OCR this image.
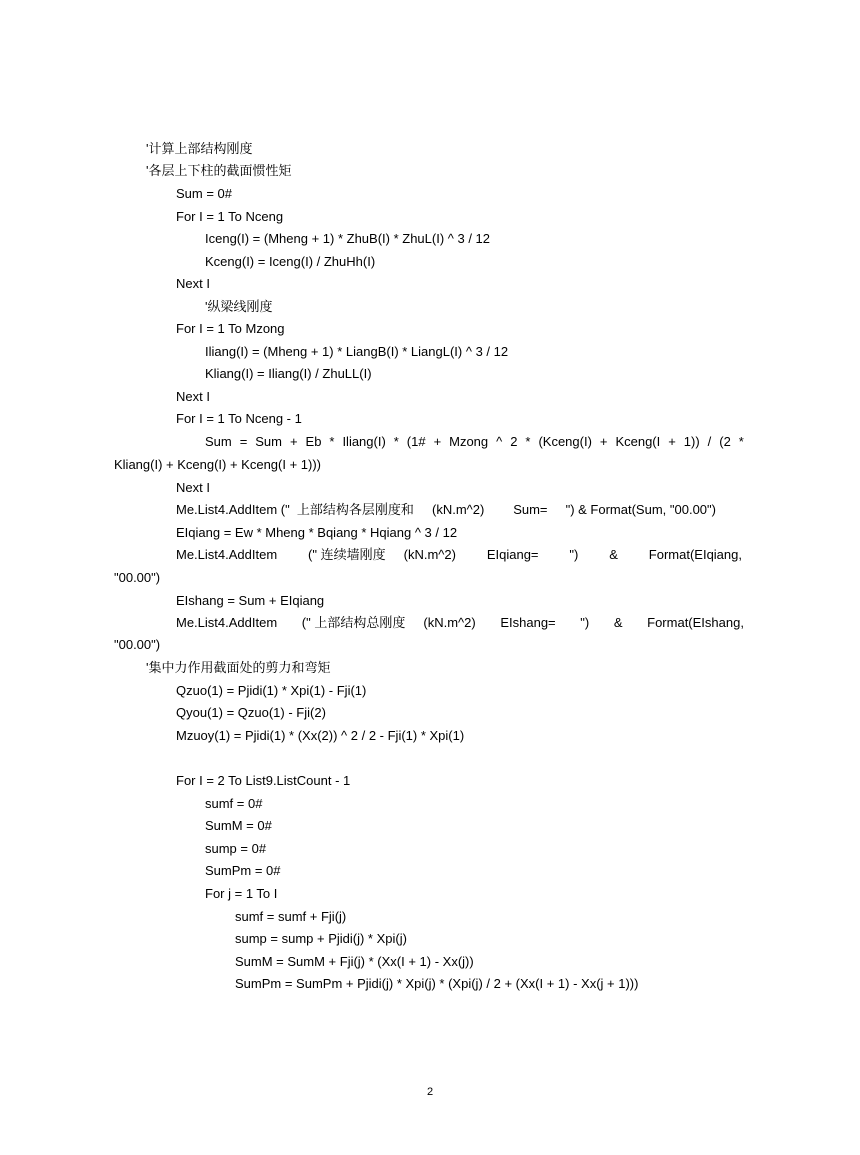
'计算上部结构刚度
'各层上下柱的截面惯性矩
Sum = 0#
For I = 1 To Nceng
Iceng(I) = (Mheng + 1) * ZhuB(I) * ZhuL(I) ^ 3 / 12
Kceng(I) = Iceng(I) / ZhuHh(I)
Next I
'纵梁线刚度
For I = 1 To Mzong
Iliang(I) = (Mheng + 1) * LiangB(I) * LiangL(I) ^ 3 / 12
Kliang(I) = Iliang(I) / ZhuLL(I)
Next I
For I = 1 To Nceng - 1
Sum = Sum + Eb * Iliang(I) * (1# + Mzong ^ 2 * (Kceng(I) + Kceng(I + 1)) / (2 *
Kliang(I) + Kceng(I) + Kceng(I + 1)))
Next I
Me.List4.AddItem ("  上部结构各层刚度和     (kN.m^2)        Sum=     ") & Format(Sum, "00.00")
EIqiang = Ew * Mheng * Bqiang * Hqiang ^ 3 / 12
Me.List4.AddItem (" 连续墙刚度     (kN.m^2) EIqiang= ") & Format(EIqiang,
"00.00")
EIshang = Sum + EIqiang
Me.List4.AddItem (" 上部结构总刚度     (kN.m^2) EIshang= ") & Format(EIshang,
"00.00")
'集中力作用截面处的剪力和弯矩
Qzuo(1) = Pjidi(1) * Xpi(1) - Fji(1)
Qyou(1) = Qzuo(1) - Fji(2)
Mzuoy(1) = Pjidi(1) * (Xx(2)) ^ 2 / 2 - Fji(1) * Xpi(1)
For I = 2 To List9.ListCount - 1
sumf = 0#
SumM = 0#
sump = 0#
SumPm = 0#
For j = 1 To I
sumf = sumf + Fji(j)
sump = sump + Pjidi(j) * Xpi(j)
SumM = SumM + Fji(j) * (Xx(I + 1) - Xx(j))
SumPm = SumPm + Pjidi(j) * Xpi(j) * (Xpi(j) / 2 + (Xx(I + 1) - Xx(j + 1)))
2
